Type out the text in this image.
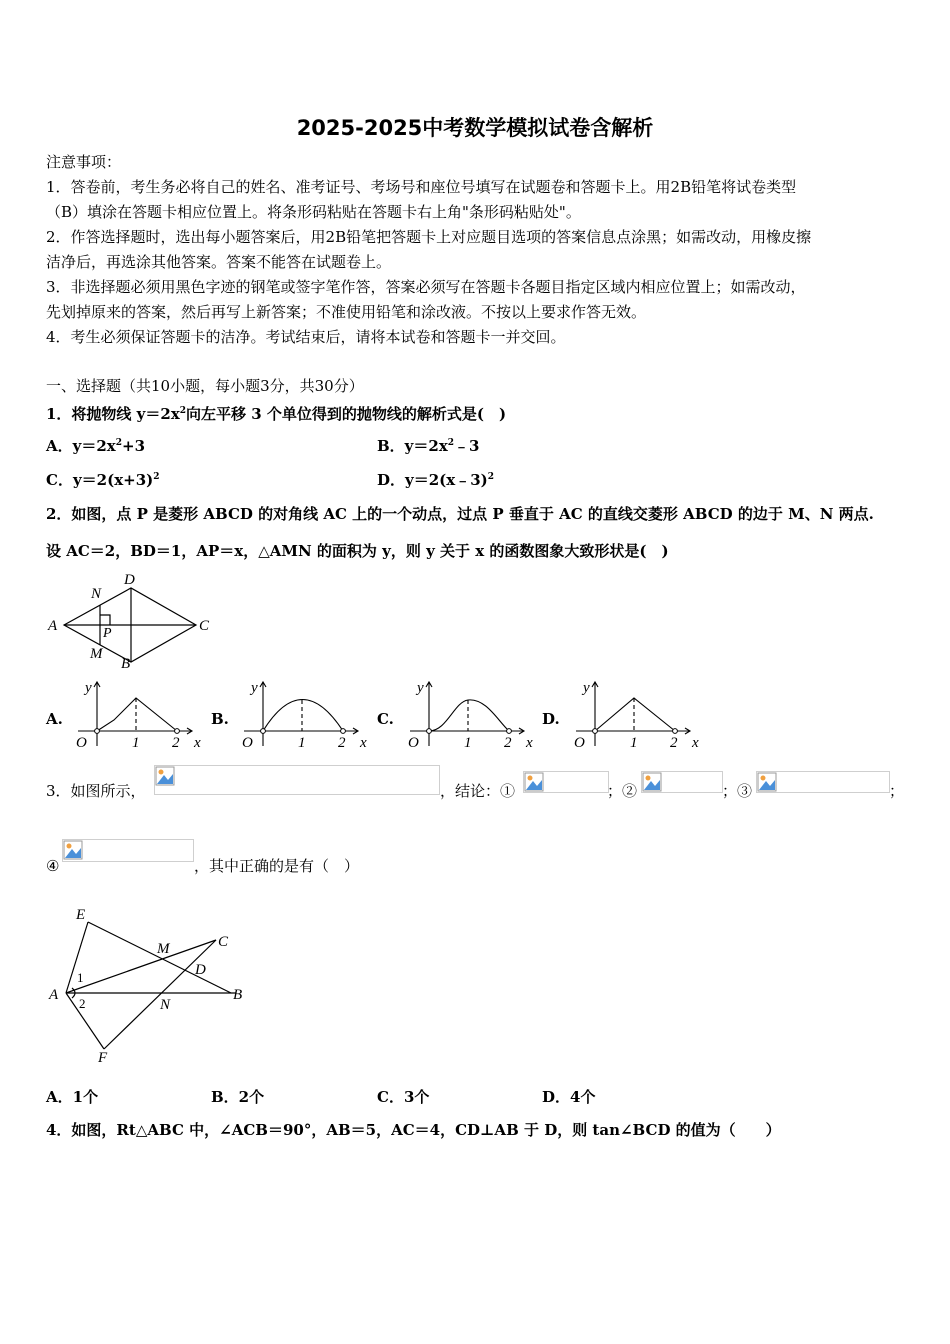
2025-2025中考数学模拟试卷含解析
注意事项：
1．答卷前，考生务必将自己的姓名、准考证号、考场号和座位号填写在试题卷和答题卡上。用2B铅笔将试卷类型
（B）填涂在答题卡相应位置上。将条形码粘贴在答题卡右上角"条形码粘贴处"。
2．作答选择题时，选出每小题答案后，用2B铅笔把答题卡上对应题目选项的答案信息点涂黑；如需改动，用橡皮擦
洁净后，再选涂其他答案。答案不能答在试题卷上。
3．非选择题必须用黑色字迹的钢笔或签字笔作答，答案必须写在答题卡各题目指定区域内相应位置上；如需改动，
先划掉原来的答案，然后再写上新答案；不准使用铅笔和涂改液。不按以上要求作答无效。
4．考生必须保证答题卡的洁净。考试结束后，请将本试卷和答题卡一并交回。
一、选择题（共10小题，每小题3分，共30分）
1．将抛物线 $y=2x^2$向左平移 3 个单位得到的抛物线的解析式是(　)
A．$y=2x^2+3$	B．$y=2x^2﹣3$
C．$y=2(x+3)^2$	D．y＝2(x﹣3)$^2$
2．如图，点 P 是菱形 ABCD 的对角线 AC 上的一个动点，过点 P 垂直于 AC 的直线交菱形 ABCD 的边于 M、N 两点.
设 AC＝2，BD＝1，AP＝x，△AMN 的面积为 y，则 y 关于 x 的函数图象大致形状是(　)
A
D
C
B
N
M
P
A.	B.	C.	D.
y
O	1 2 x
y
O	1 2 x
y
O	1 2 x
y
O	1 2 x
3．如图所示，	，结论：①	；②	；③	；
④	，其中正确的是有（　）
E
C
M
D
A	B
N
F
1
2
A．1个	B．2个	C．3个	D．4个
4．如图，Rt△ABC 中，∠ACB＝90°，AB＝5，AC＝4，CD⊥AB 于 D，则 tan∠BCD 的值为（　　）
